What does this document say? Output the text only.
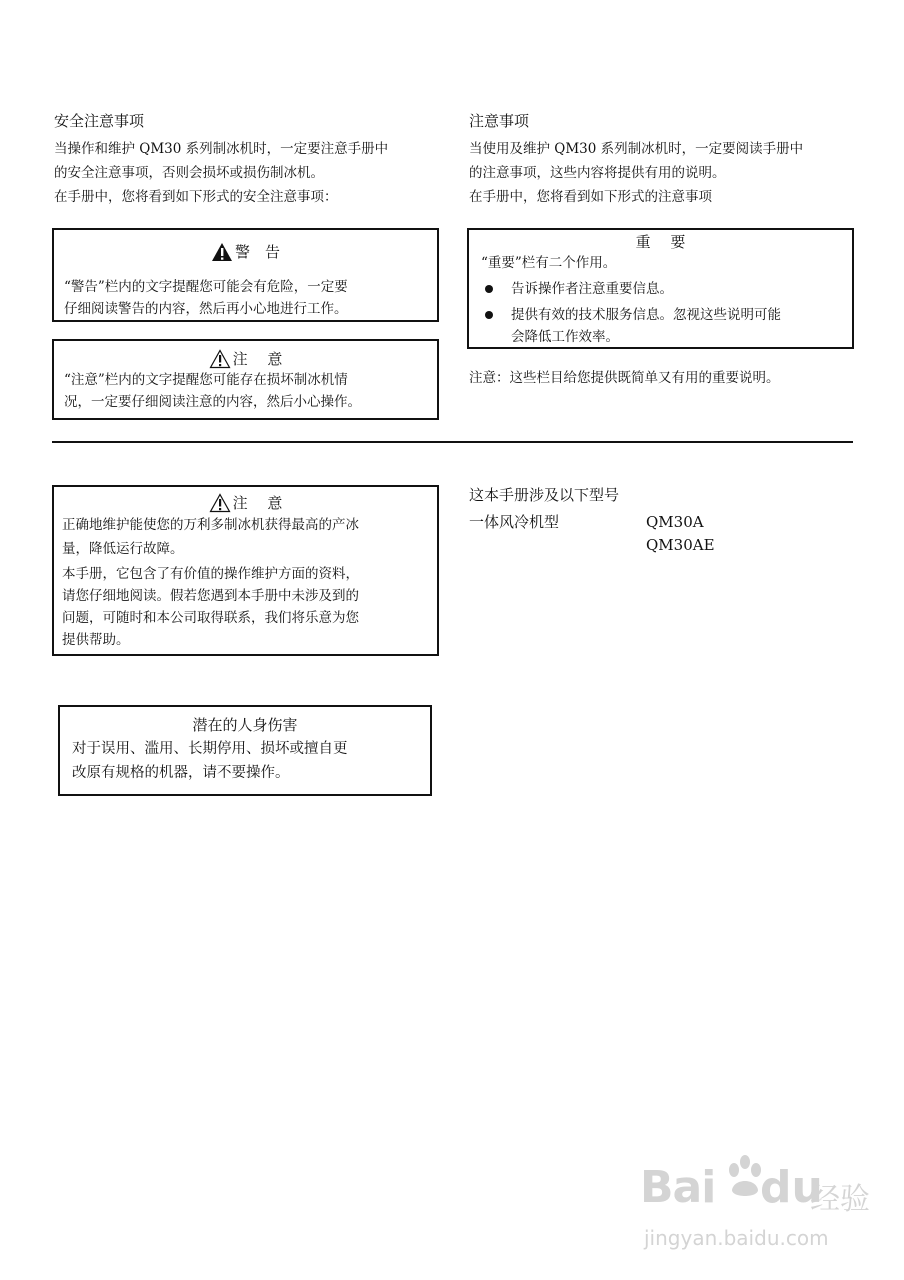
安全注意事项
当操作和维护 QM30 系列制冰机时，一定要注意手册中
的安全注意事项，否则会损坏或损伤制冰机。
在手册中，您将看到如下形式的安全注意事项：
警　告
“警告”栏内的文字提醒您可能会有危险，一定要
仔细阅读警告的内容，然后再小心地进行工作。
注　 意
“注意”栏内的文字提醒您可能存在损坏制冰机情
况，一定要仔细阅读注意的内容，然后小心操作。
注意事项
当使用及维护 QM30 系列制冰机时，一定要阅读手册中
的注意事项，这些内容将提供有用的说明。
在手册中，您将看到如下形式的注意事项
重　 要
“重要”栏有二个作用。
告诉操作者注意重要信息。
提供有效的技术服务信息。忽视这些说明可能
会降低工作效率。
注意：这些栏目给您提供既简单又有用的重要说明。
注　 意
正确地维护能使您的万利多制冰机获得最高的产冰
量，降低运行故障。
本手册，它包含了有价值的操作维护方面的资料，
请您仔细地阅读。假若您遇到本手册中未涉及到的
问题，可随时和本公司取得联系，我们将乐意为您
提供帮助。
潜在的人身伤害
对于误用、滥用、长期停用、损坏或擅自更
改原有规格的机器，请不要操作。
这本手册涉及以下型号
一体风冷机型	QM30A
QM30AE
Bai du
经验
jingyan.baidu.com
